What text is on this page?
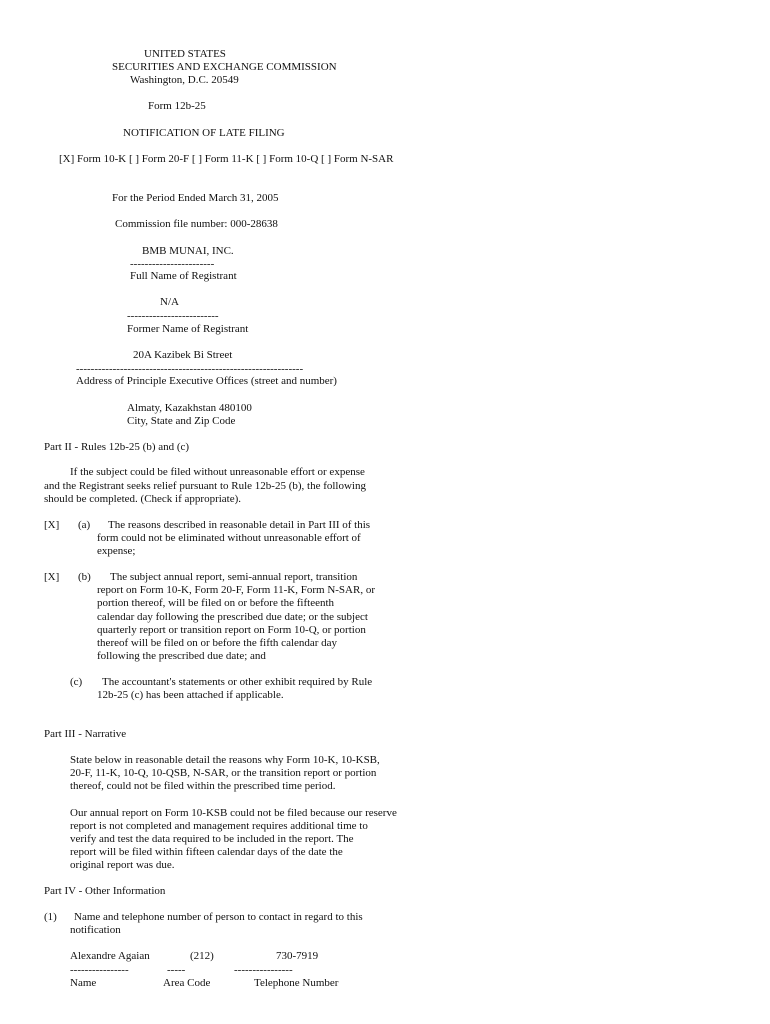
UNITED STATES
SECURITIES AND EXCHANGE COMMISSION
Washington, D.C. 20549
Form 12b-25
NOTIFICATION OF LATE FILING
[X] Form 10-K [ ] Form 20-F [ ] Form 11-K [ ] Form 10-Q [ ] Form N-SAR
For the Period Ended March 31, 2005
Commission file number: 000-28638
BMB MUNAI, INC.
-----------------------
Full Name of Registrant
N/A
-------------------------
Former Name of Registrant
20A Kazibek Bi Street
--------------------------------------------------------------
Address of Principle Executive Offices (street and number)
Almaty, Kazakhstan 480100
City, State and Zip Code
Part II - Rules 12b-25 (b) and (c)
If the subject could be filed without unreasonable effort or expense
and the Registrant seeks relief pursuant to Rule 12b-25 (b), the following
should be completed. (Check if appropriate).
[X] (a) The reasons described in reasonable detail in Part III of this
form could not be eliminated without unreasonable effort of
expense;
[X] (b) The subject annual report, semi-annual report, transition
report on Form 10-K, Form 20-F, Form 11-K, Form N-SAR, or
portion thereof, will be filed on or before the fifteenth
calendar day following the prescribed due date; or the subject
quarterly report or transition report on Form 10-Q, or portion
thereof will be filed on or before the fifth calendar day
following the prescribed due date; and
(c) The accountant's statements or other exhibit required by Rule
12b-25 (c) has been attached if applicable.
Part III - Narrative
State below in reasonable detail the reasons why Form 10-K, 10-KSB,
20-F, 11-K, 10-Q, 10-QSB, N-SAR, or the transition report or portion
thereof, could not be filed within the prescribed time period.
Our annual report on Form 10-KSB could not be filed because our reserve
report is not completed and management requires additional time to
verify and test the data required to be included in the report. The
report will be filed within fifteen calendar days of the date the
original report was due.
Part IV - Other Information
(1) Name and telephone number of person to contact in regard to this
notification
Alexandre Agaian	(212)	730-7919
----------------	-----	----------------
Name	Area Code	Telephone Number
